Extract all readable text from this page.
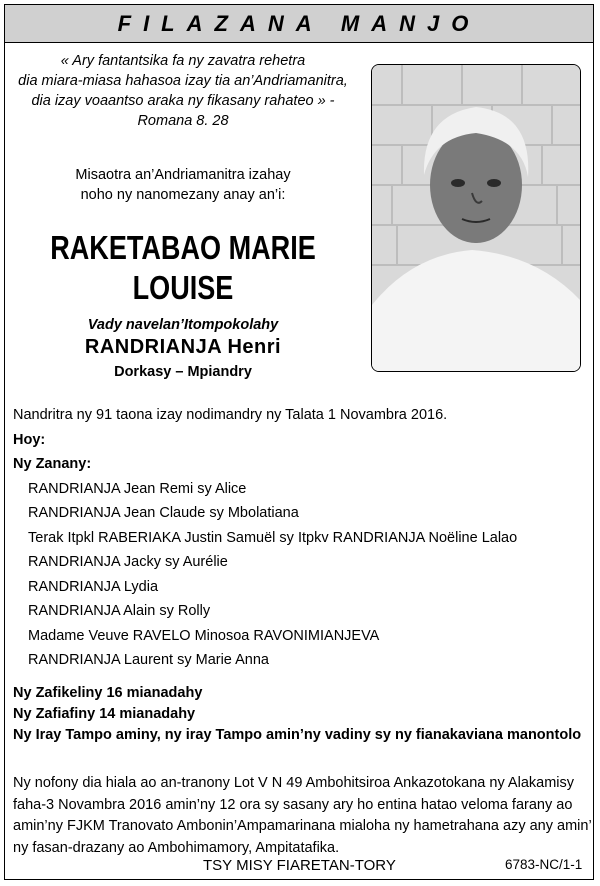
FILAZANA MANJO
« Ary fantantsika fa ny zavatra rehetra
dia miara-miasa hahasoa izay tia an’Andriamanitra,
dia izay voaantso araka ny fikasany rahateo » -
Romana 8. 28
Misaotra an’Andriamanitra izahay
noho ny nanomezany anay an’i:
RAKETABAO MARIE
LOUISE
Vady navelan’Itompokolahy
RANDRIANJA Henri
Dorkasy – Mpiandry
Nandritra ny 91 taona izay nodimandry ny Talata 1 Novambra 2016.
Hoy:
Ny Zanany:
RANDRIANJA Jean Remi sy Alice
RANDRIANJA Jean Claude sy Mbolatiana
Terak Itpkl RABERIAKA Justin Samuël sy Itpkv RANDRIANJA Noëline Lalao
RANDRIANJA Jacky sy Aurélie
RANDRIANJA Lydia
RANDRIANJA Alain sy Rolly
Madame Veuve RAVELO Minosoa RAVONIMIANJEVA
RANDRIANJA Laurent sy Marie Anna
Ny Zafikeliny 16 mianadahy
Ny Zafiafiny 14 mianadahy
Ny Iray Tampo aminy, ny iray Tampo amin’ny vadiny sy ny fianakaviana manontolo
Ny nofony dia hiala ao an-tranony Lot V N 49 Ambohitsiroa Ankazotokana ny Alakamisy
faha-3 Novambra 2016 amin’ny 12 ora sy sasany ary ho entina hatao veloma farany ao
amin’ny FJKM Tranovato Ambonin’Ampamarinana mialoha ny hametrahana azy any amin’
ny fasan-drazany ao Ambohimamory, Ampitatafika.
TSY MISY FIARETAN-TORY	6783-NC/1-1
